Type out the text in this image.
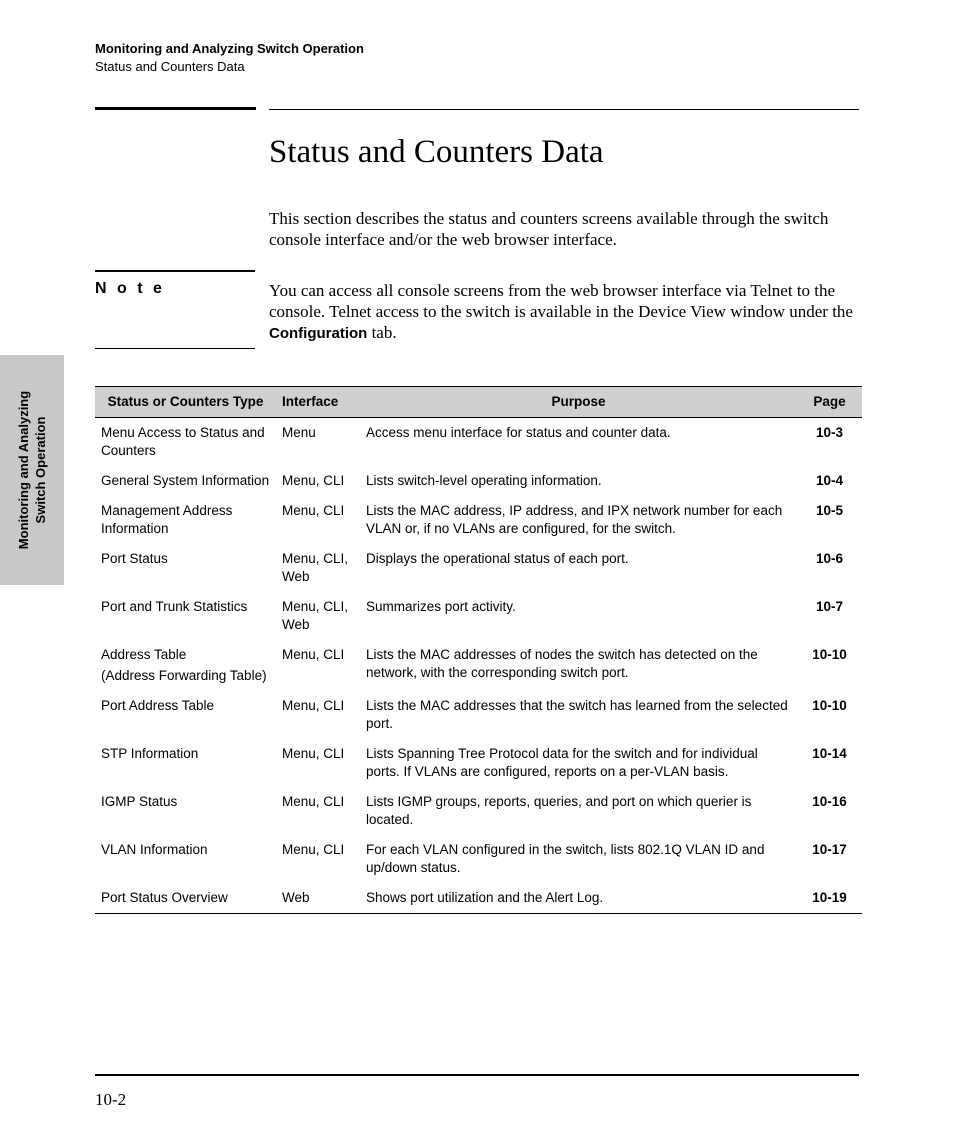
Monitoring and Analyzing Switch Operation
Status and Counters Data
Monitoring and Analyzing Switch Operation
Status and Counters Data

This section describes the status and counters screens available through the switch console interface and/or the web browser interface.

N o t e	You can access all console screens from the web browser interface via Telnet to the console. Telnet access to the switch is available in the Device View window under the Configuration tab.

Status or Counters Type	Interface	Purpose	Page
Menu Access to Status and Counters	Menu	Access menu interface for status and counter data.	10-3
General System Information	Menu, CLI	Lists switch-level operating information.	10-4
Management Address Information	Menu, CLI	Lists the MAC address, IP address, and IPX network number for each VLAN or, if no VLANs are configured, for the switch.	10-5
Port Status	Menu, CLI, Web	Displays the operational status of each port.	10-6
Port and Trunk Statistics	Menu, CLI, Web	Summarizes port activity.	10-7

Address Table
(Address Forwarding Table)	Menu, CLI	Lists the MAC addresses of nodes the switch has detected on the network, with the corresponding switch port.	10-10
Port Address Table	Menu, CLI	Lists the MAC addresses that the switch has learned from the selected port.	10-10
STP Information	Menu, CLI	Lists Spanning Tree Protocol data for the switch and for individual ports. If VLANs are configured, reports on a per-VLAN basis.	10-14
IGMP Status	Menu, CLI	Lists IGMP groups, reports, queries, and port on which querier is located.	10-16
VLAN Information	Menu, CLI	For each VLAN configured in the switch, lists 802.1Q VLAN ID and up/down status.	10-17
Port Status Overview	Web	Shows port utilization and the Alert Log.	10-19
10-2
